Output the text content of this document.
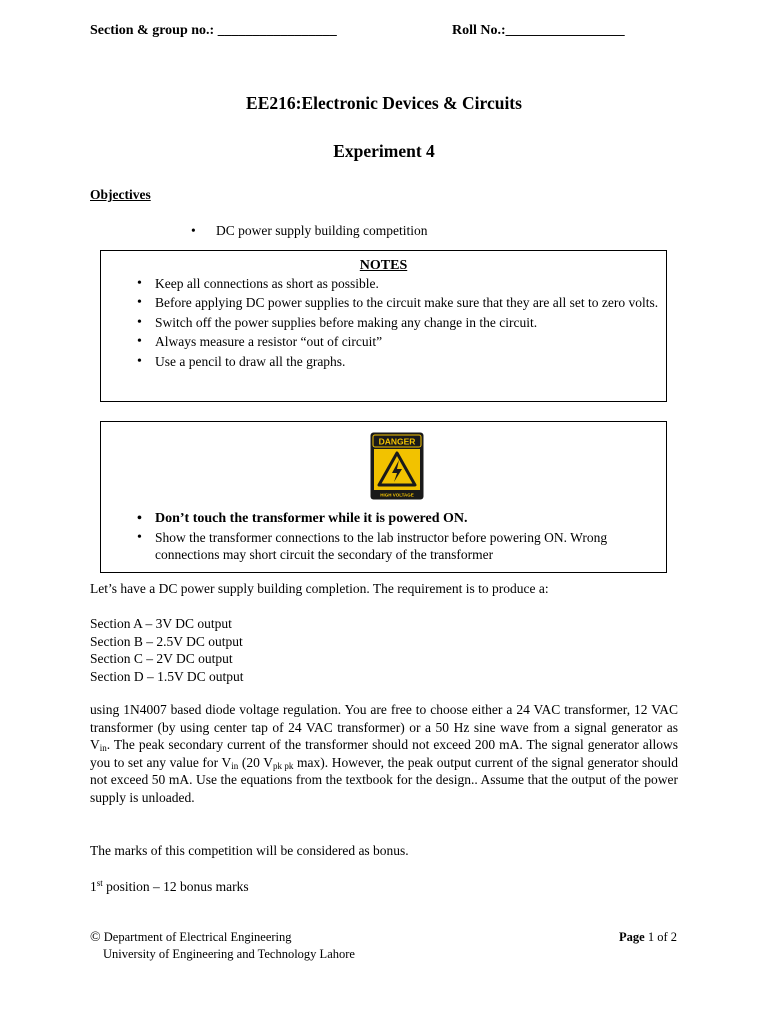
Section & group no.: _________________	Roll No.:_________________
EE216:Electronic Devices & Circuits
Experiment 4
Objectives
• DC power supply building competition
NOTES
• Keep all connections as short as possible.
• Before applying DC power supplies to the circuit make sure that they are all set to zero volts.
• Switch off the power supplies before making any change in the circuit.
• Always measure a resistor “out of circuit”
• Use a pencil to draw all the graphs.
DANGER
HIGH VOLTAGE
• Don’t touch the transformer while it is powered ON.
• Show the transformer connections to the lab instructor before powering ON. Wrong connections may short circuit the secondary of the transformer
Let’s have a DC power supply building completion. The requirement is to produce a:
Section A – 3V DC output
Section B – 2.5V DC output
Section C – 2V DC output
Section D – 1.5V DC output
using 1N4007 based diode voltage regulation. You are free to choose either a 24 VAC transformer, 12 VAC transformer (by using center tap of 24 VAC transformer) or a 50 Hz sine wave from a signal generator as $V_{in}$. The peak secondary current of the transformer should not exceed 200 mA. The signal generator allows you to set any value for $V_{in}$ (20 $V_{pk pk}$ max). However, the peak output current of the signal generator should not exceed 50 mA. Use the equations from the textbook for the design.. Assume that the output of the power supply is unloaded.
The marks of this competition will be considered as bonus.
1st position – 12 bonus marks
© Department of Electrical Engineering
University of Engineering and Technology Lahore
Page 1 of 2
